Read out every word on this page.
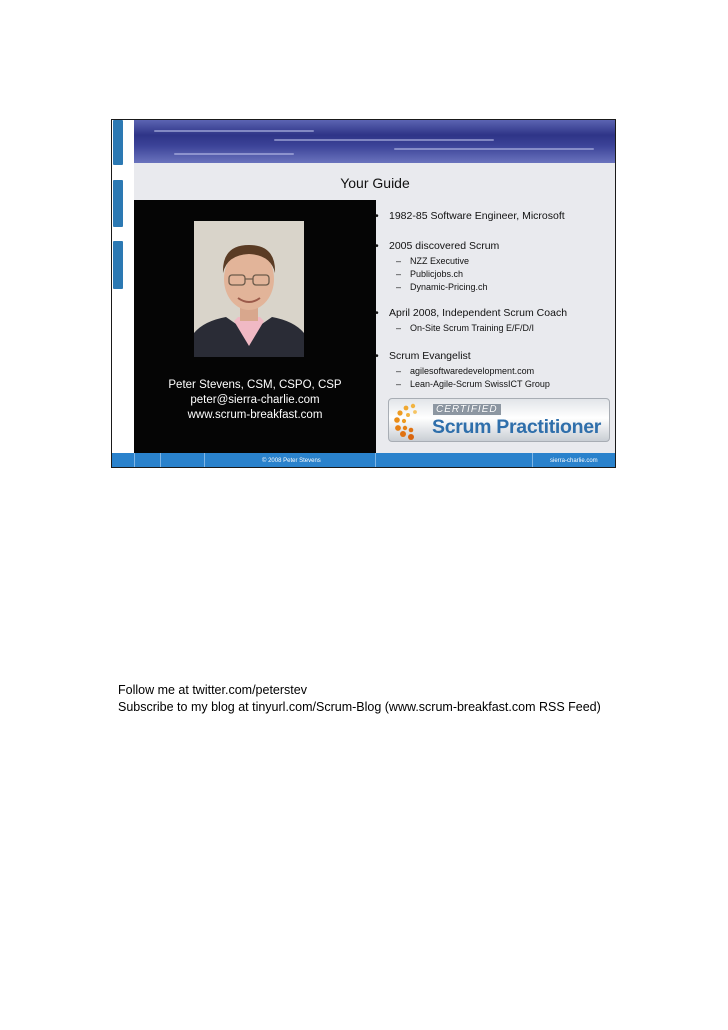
Your Guide
Peter Stevens, CSM, CSPO, CSP
peter@sierra-charlie.com
www.scrum-breakfast.com
• 1982-85 Software Engineer, Microsoft
• 2005 discovered Scrum
– NZZ Executive
– Publicjobs.ch
– Dynamic-Pricing.ch
• April 2008, Independent Scrum Coach
– On-Site Scrum Training E/F/D/I
• Scrum Evangelist
– agilesoftwaredevelopment.com
– Lean-Agile-Scrum SwissICT Group
CERTIFIED
Scrum Practitioner
© 2008 Peter Stevens	sierra-charlie.com
Follow me at twitter.com/peterstev
Subscribe to my blog at tinyurl.com/Scrum-Blog (www.scrum-breakfast.com RSS Feed)
